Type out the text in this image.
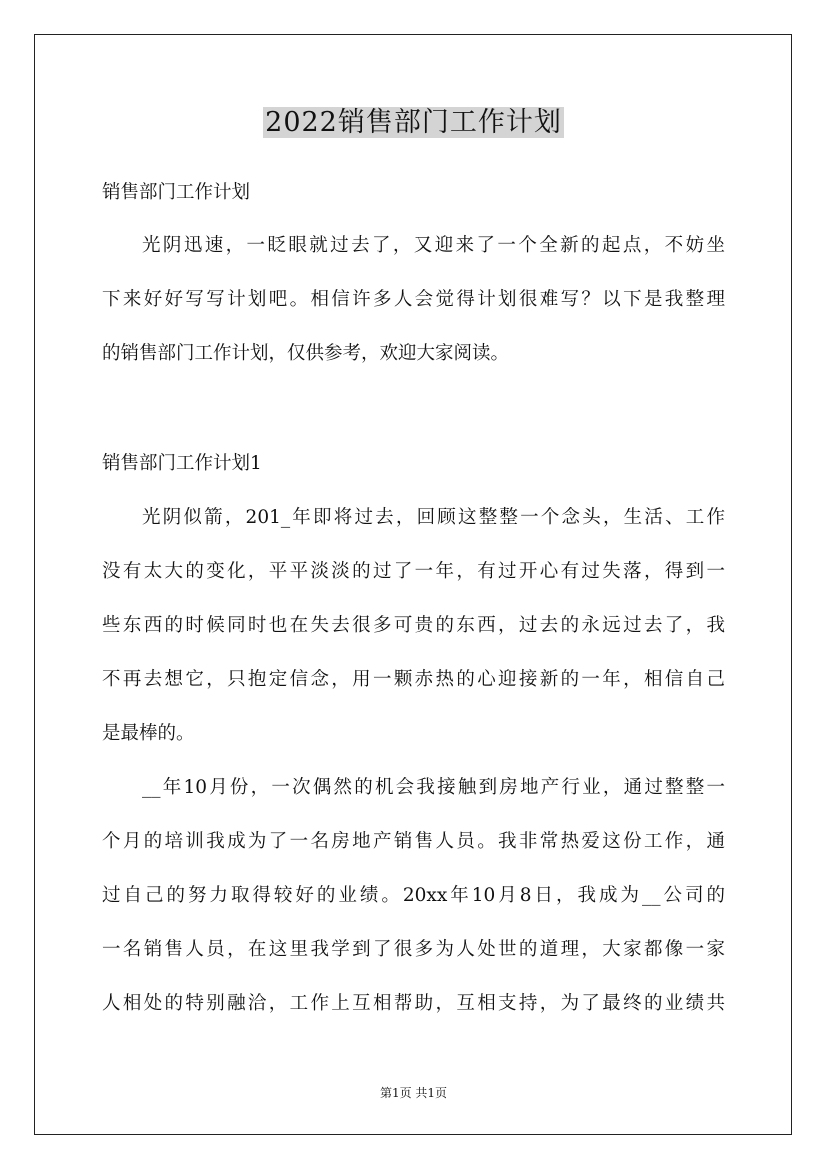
2022销售部门工作计划
销售部门工作计划
光阴迅速，一眨眼就过去了，又迎来了一个全新的起点，不妨坐
下来好好写写计划吧。相信许多人会觉得计划很难写？以下是我整理
的销售部门工作计划，仅供参考，欢迎大家阅读。
销售部门工作计划1
光阴似箭，201_年即将过去，回顾这整整一个念头，生活、工作
没有太大的变化，平平淡淡的过了一年，有过开心有过失落，得到一
些东西的时候同时也在失去很多可贵的东西，过去的永远过去了，我
不再去想它，只抱定信念，用一颗赤热的心迎接新的一年，相信自己
是最棒的。
__年10月份，一次偶然的机会我接触到房地产行业，通过整整一
个月的培训我成为了一名房地产销售人员。我非常热爱这份工作，通
过自己的努力取得较好的业绩。20xx年10月8日，我成为__公司的
一名销售人员，在这里我学到了很多为人处世的道理，大家都像一家
人相处的特别融洽，工作上互相帮助，互相支持，为了最终的业绩共
第1页 共1页
